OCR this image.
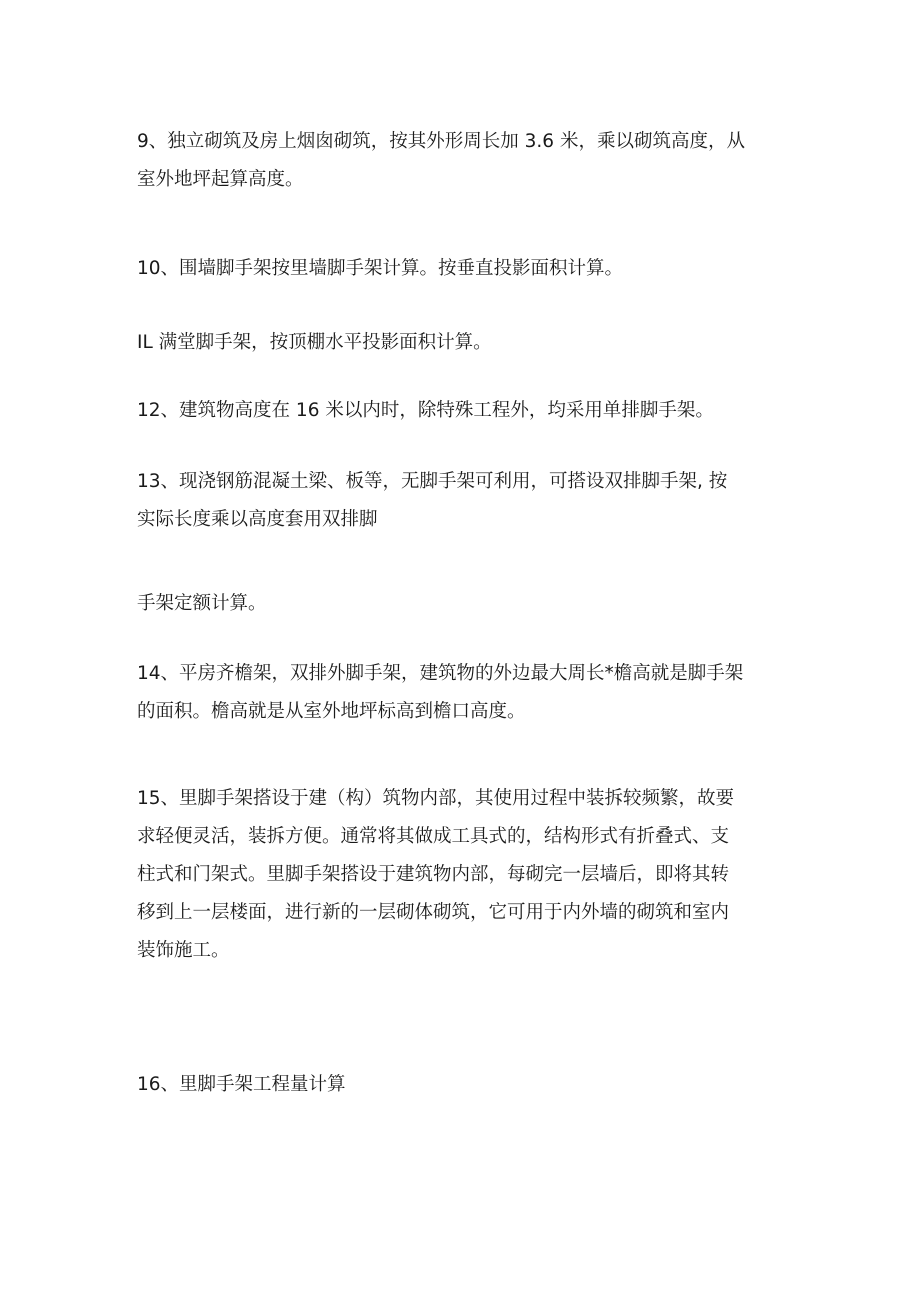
9、独立砌筑及房上烟囱砌筑，按其外形周长加 3.6 米，乘以砌筑高度，从
室外地坪起算高度。

10、围墙脚手架按里墙脚手架计算。按垂直投影面积计算。

IL 满堂脚手架，按顶棚水平投影面积计算。

12、建筑物高度在 16 米以内时，除特殊工程外，均采用单排脚手架。

13、现浇钢筋混凝土梁、板等，无脚手架可利用，可搭设双排脚手架, 按
实际长度乘以高度套用双排脚

手架定额计算。

14、平房齐檐架，双排外脚手架，建筑物的外边最大周长*檐高就是脚手架
的面积。檐高就是从室外地坪标高到檐口高度。

15、里脚手架搭设于建（构）筑物内部，其使用过程中装拆较频繁，故要
求轻便灵活，装拆方便。通常将其做成工具式的，结构形式有折叠式、支
柱式和门架式。里脚手架搭设于建筑物内部，每砌完一层墙后，即将其转
移到上一层楼面，进行新的一层砌体砌筑，它可用于内外墙的砌筑和室内
装饰施工。

16、里脚手架工程量计算
